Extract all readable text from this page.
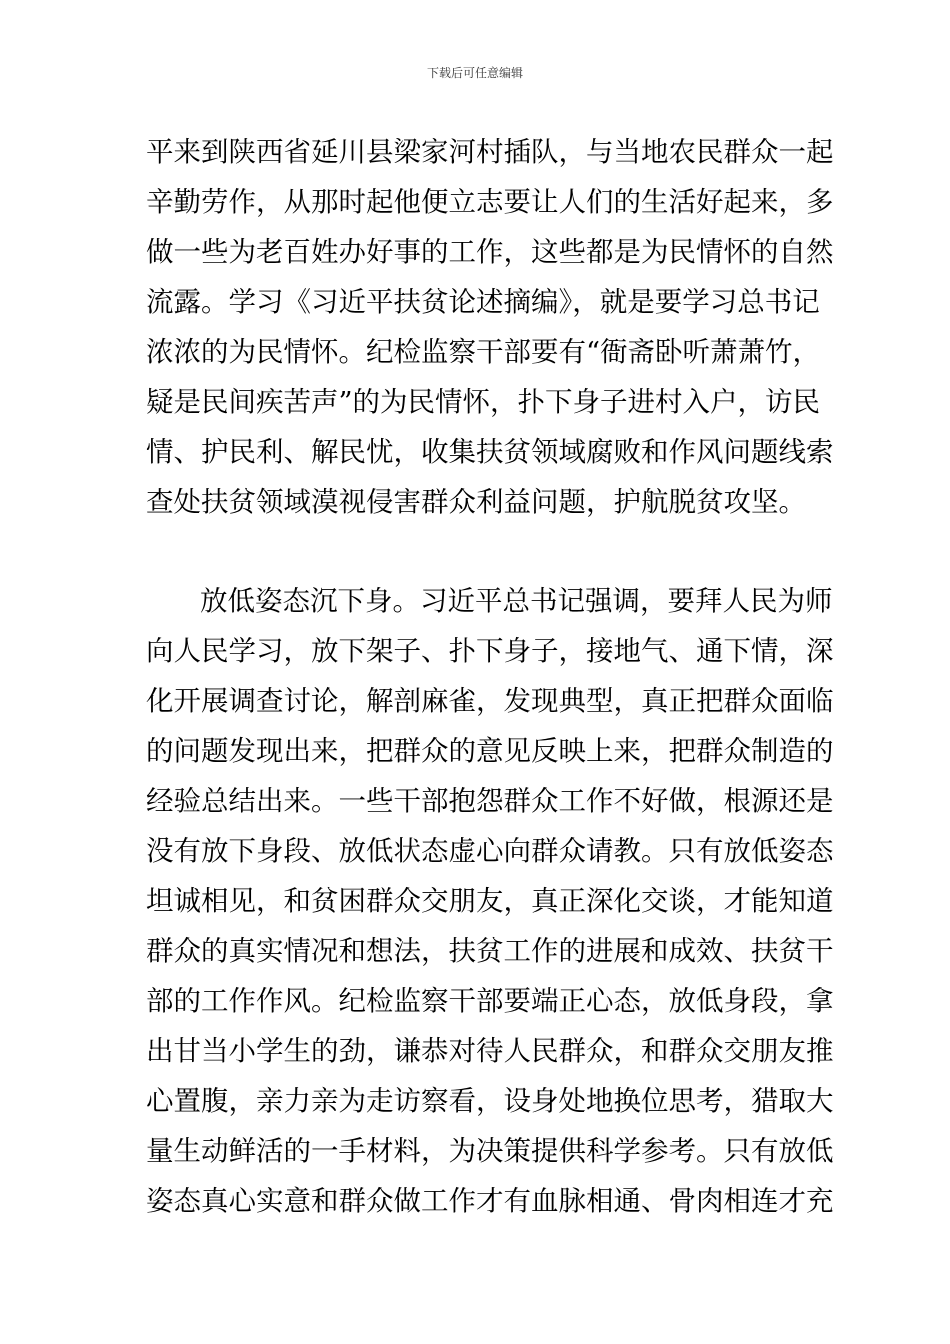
下载后可任意编辑
平来到陕西省延川县梁家河村插队，与当地农民群众一起
辛勤劳作，从那时起他便立志要让人们的生活好起来，多
做一些为老百姓办好事的工作，这些都是为民情怀的自然
流露。学习《习近平扶贫论述摘编》，就是要学习总书记
浓浓的为民情怀。纪检监察干部要有“衙斋卧听萧萧竹，
疑是民间疾苦声”的为民情怀，扑下身子进村入户，访民
情、护民利、解民忧，收集扶贫领域腐败和作风问题线索
查处扶贫领域漠视侵害群众利益问题，护航脱贫攻坚。
放低姿态沉下身。习近平总书记强调，要拜人民为师
向人民学习，放下架子、扑下身子，接地气、通下情，深
化开展调查讨论，解剖麻雀，发现典型，真正把群众面临
的问题发现出来，把群众的意见反映上来，把群众制造的
经验总结出来。一些干部抱怨群众工作不好做，根源还是
没有放下身段、放低状态虚心向群众请教。只有放低姿态
坦诚相见，和贫困群众交朋友，真正深化交谈，才能知道
群众的真实情况和想法，扶贫工作的进展和成效、扶贫干
部的工作作风。纪检监察干部要端正心态，放低身段，拿
出甘当小学生的劲，谦恭对待人民群众，和群众交朋友推
心置腹，亲力亲为走访察看，设身处地换位思考，猎取大
量生动鲜活的一手材料，为决策提供科学参考。只有放低
姿态真心实意和群众做工作才有血脉相通、骨肉相连才充
